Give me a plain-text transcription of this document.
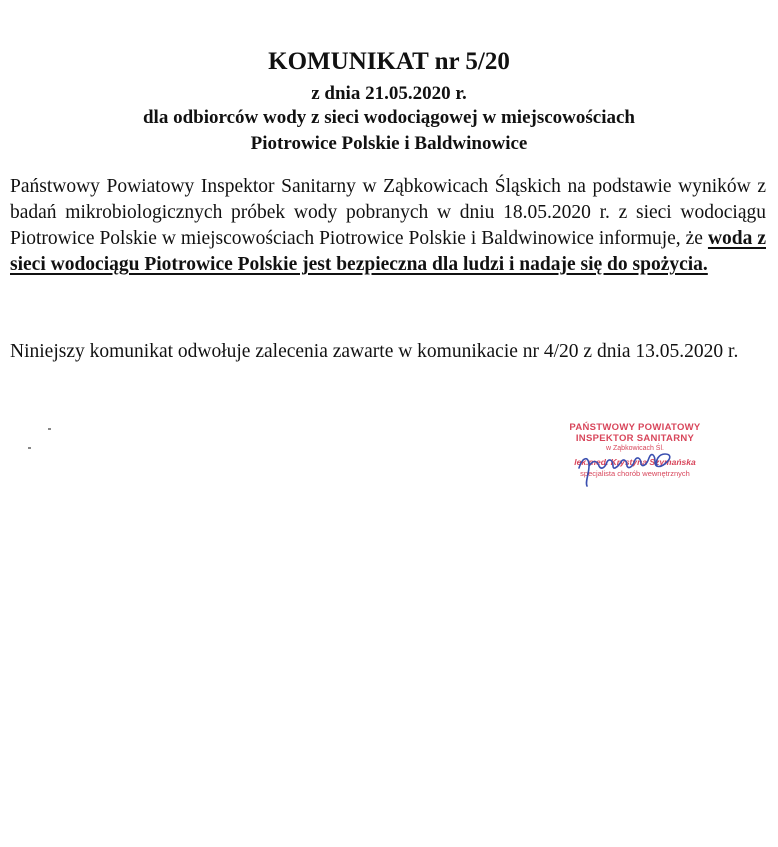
KOMUNIKAT nr 5/20
z dnia 21.05.2020 r.
dla odbiorców wody z sieci wodociągowej w miejscowościach
Piotrowice Polskie i Baldwinowice

Państwowy Powiatowy Inspektor Sanitarny w Ząbkowicach Śląskich na podstawie wyników z badań mikrobiologicznych próbek wody pobranych w dniu 18.05.2020 r. z sieci wodociągu Piotrowice Polskie w miejscowościach Piotrowice Polskie i Baldwinowice informuje, że woda z sieci wodociągu Piotrowice Polskie jest bezpieczna dla ludzi i nadaje się do spożycia.

Niniejszy komunikat odwołuje zalecenia zawarte w komunikacie nr 4/20 z dnia 13.05.2020 r.

PAŃSTWOWY POWIATOWY
INSPEKTOR SANITARNY
w Ząbkowicach Śl.
lek.med. Krystyna Szymańska
specjalista chorób wewnętrznych
